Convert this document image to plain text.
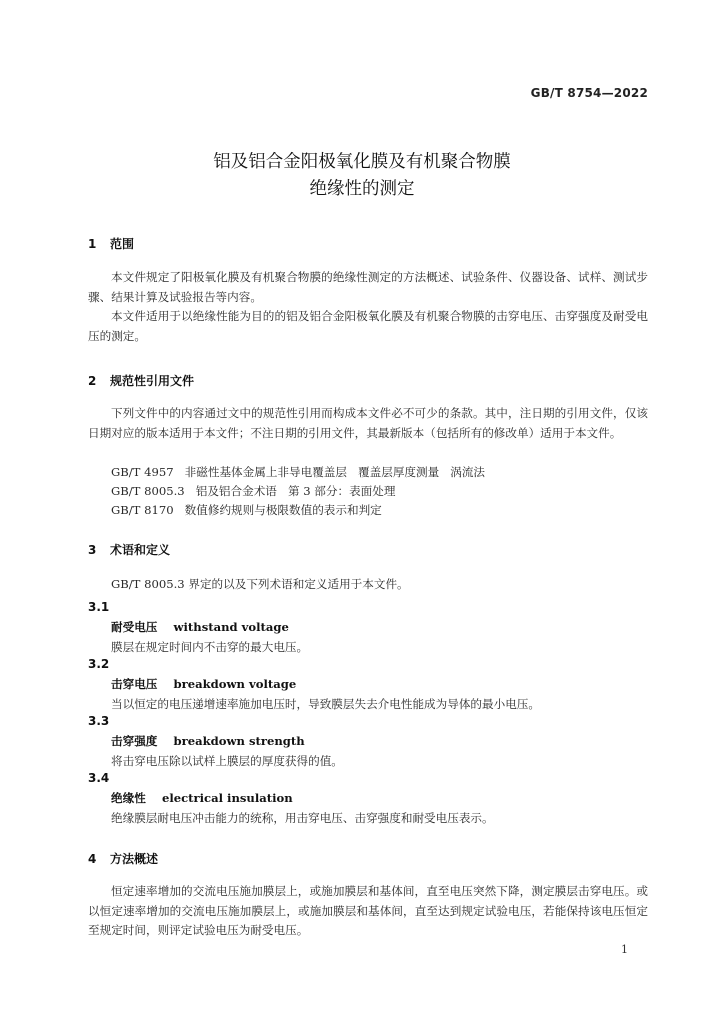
GB/T 8754—2022
铝及铝合金阳极氧化膜及有机聚合物膜
绝缘性的测定
1 范围
本文件规定了阳极氧化膜及有机聚合物膜的绝缘性测定的方法概述、试验条件、仪器设备、试样、测试步骤、结果计算及试验报告等内容。
本文件适用于以绝缘性能为目的的铝及铝合金阳极氧化膜及有机聚合物膜的击穿电压、击穿强度及耐受电压的测定。
2 规范性引用文件
下列文件中的内容通过文中的规范性引用而构成本文件必不可少的条款。其中，注日期的引用文件，仅该日期对应的版本适用于本文件；不注日期的引用文件，其最新版本（包括所有的修改单）适用于本文件。
GB/T 4957   非磁性基体金属上非导电覆盖层   覆盖层厚度测量   涡流法
GB/T 8005.3   铝及铝合金术语   第 3 部分：表面处理
GB/T 8170   数值修约规则与极限数值的表示和判定
3 术语和定义
GB/T 8005.3 界定的以及下列术语和定义适用于本文件。
3.1
耐受电压 withstand voltage
膜层在规定时间内不击穿的最大电压。
3.2
击穿电压 breakdown voltage
当以恒定的电压递增速率施加电压时，导致膜层失去介电性能成为导体的最小电压。
3.3
击穿强度 breakdown strength
将击穿电压除以试样上膜层的厚度获得的值。
3.4
绝缘性 electrical insulation
绝缘膜层耐电压冲击能力的统称，用击穿电压、击穿强度和耐受电压表示。
4 方法概述
恒定速率增加的交流电压施加膜层上，或施加膜层和基体间，直至电压突然下降，测定膜层击穿电压。或以恒定速率增加的交流电压施加膜层上，或施加膜层和基体间，直至达到规定试验电压，若能保持该电压恒定至规定时间，则评定试验电压为耐受电压。
1
